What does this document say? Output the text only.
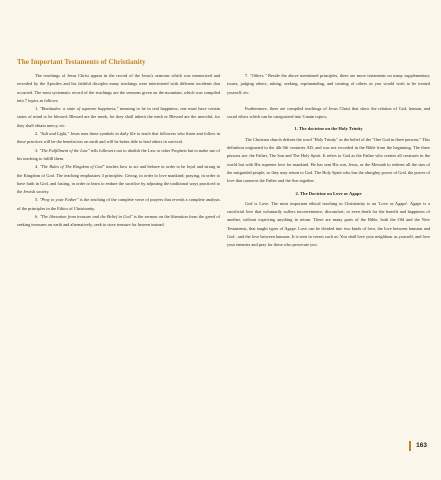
The Important Testaments of Christianity

The teachings of Jesus Christ appear in the record of the Jesus's sermons which was memorized and recorded by the Apostles and his faithful disciples many teachings were intertwined with different incidents that occurred. The most systematic record of the teachings are the sermons given on the mountain, which was compiled into 7 topics as follows;

1. "Beatitudes: a state of supreme happiness," meaning to be in real happiness, one must have certain states of mind to be blessed: Blessed are the meek, for they shall inherit the earth or Blessed are the merciful, for they shall obtain mercy, etc.

2. "Salt and Light," Jesus uses these symbols in daily life to teach that followers who listen and follow in these practices will be the benefactors on earth and will be better able to lead others in survival.

3. "The Fulfillment of the Law" tells followers not to abolish the Law or other Prophets but to make use of his teaching to fulfill them.

4. "The Rules of The Kingdom of God" teaches how to act and behave in order to be loyal and strong in the Kingdom of God. The teaching emphasizes 3 principles: Giving, in order to love mankind; praying, in order to have faith in God, and fasting, in order to learn to endure the sacrifice by adjusting the traditional ways practiced to the Jewish society.

5. "Pray to your Father" is the teaching of the complete verse of prayers that reveals a complete analysis of the principles in the Ethics of Christianity.

6. "The liberation from treasure and the Belief in God" is the sermon on the liberation from the greed of seeking treasures on earth and alternatively, seek to store treasure for heaven instead.

7. "Others." Beside the above mentioned principles, there are more testaments on many supplementary issues, judging others, asking, seeking, reprimanding, and treating of others as you would wish to be treated yourself, etc.

Furthermore, there are compiled teachings of Jesus Christ that show the relation of God, human, and social ethics which can be categorized into 3 main topics;

1. The doctrine on the Holy Trinity

The Christian church defines the word "Holy Trinity" as the belief of the "One God in three persons." This definition originated in the 4th-5th centuries AD, and was not recorded in the Bible from the beginning. The three persons are: the Father, The Son and The Holy Spirit. It refers to God as the Father who creates all creatures in the world but with His supreme love for mankind. He has sent His son, Jesus, as the Messiah to redeem all the sins of the misguided people, so they may return to God. The Holy Spirit who has the almighty power of God, the power of love that connects the Father and the Son together.

2. The Doctrine on Love or Agape

God is Love. The most important ethical teaching in Christianity is on 'Love or Agape'. Agape is a sacrificial love that voluntarily suffers inconvenience, discomfort, or even death for the benefit and happiness of another, without expecting anything in return. There are many parts of the Bible, both the Old and the New Testaments, that taught types of Agape. Love can be divided into two kinds of love, the love between humans and God , and the love between humans. It is seen in verses such as: You shall love your neighbour as yourself, and love your enemies and pray for those who persecute you.

163
